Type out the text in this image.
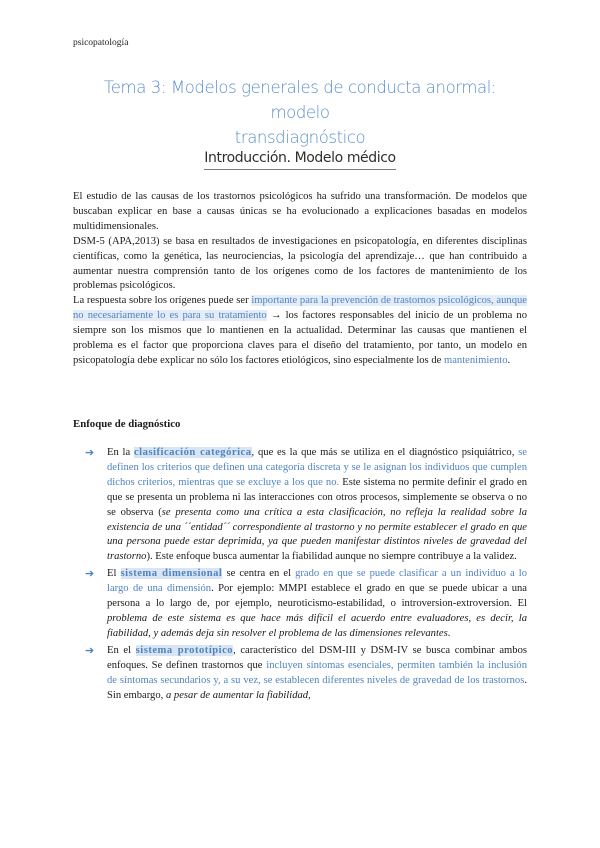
psicopatología
Tema 3: Modelos generales de conducta anormal: modelo
transdiagnóstico
Introducción. Modelo médico

El estudio de las causas de los trastornos psicológicos ha sufrido una transformación. De modelos que buscaban explicar en base a causas únicas se ha evolucionado a explicaciones basadas en modelos multidimensionales.

DSM-5 (APA,2013) se basa en resultados de investigaciones en psicopatología, en diferentes disciplinas científicas, como la genética, las neurociencias, la psicología del aprendizaje… que han contribuido a aumentar nuestra comprensión tanto de los orígenes como de los factores de mantenimiento de los problemas psicológicos.

La respuesta sobre los orígenes puede ser importante para la prevención de trastornos psicológicos, aunque no necesariamente lo es para su tratamiento → los factores responsables del inicio de un problema no siempre son los mismos que lo mantienen en la actualidad. Determinar las causas que mantienen el problema es el factor que proporciona claves para el diseño del tratamiento, por tanto, un modelo en psicopatología debe explicar no sólo los factores etiológicos, sino especialmente los de mantenimiento.

Enfoque de diagnóstico
➔ En la clasificación categórica, que es la que más se utiliza en el diagnóstico psiquiátrico, se definen los criterios que definen una categoría discreta y se le asignan los individuos que cumplen dichos criterios, mientras que se excluye a los que no. Este sistema no permite definir el grado en que se presenta un problema ni las interacciones con otros procesos, simplemente se observa o no se observa (se presenta como una crítica a esta clasificación, no refleja la realidad sobre la existencia de una ´´entidad´´ correspondiente al trastorno y no permite establecer el grado en que una persona puede estar deprimida, ya que pueden manifestar distintos niveles de gravedad del trastorno). Este enfoque busca aumentar la fiabilidad aunque no siempre contribuye a la validez.
➔ El sistema dimensional se centra en el grado en que se puede clasificar a un individuo a lo largo de una dimensión. Por ejemplo: MMPI establece el grado en que se puede ubicar a una persona a lo largo de, por ejemplo, neuroticismo-estabilidad, o introversion-extroversion. El problema de este sistema es que hace más difícil el acuerdo entre evaluadores, es decir, la fiabilidad, y además deja sin resolver el problema de las dimensiones relevantes.
➔ En el sistema prototípico, característico del DSM-III y DSM-IV se busca combinar ambos enfoques. Se definen trastornos que incluyen síntomas esenciales, permiten también la inclusión de síntomas secundarios y, a su vez, se establecen diferentes niveles de gravedad de los trastornos. Sin embargo, a pesar de aumentar la fiabilidad,
